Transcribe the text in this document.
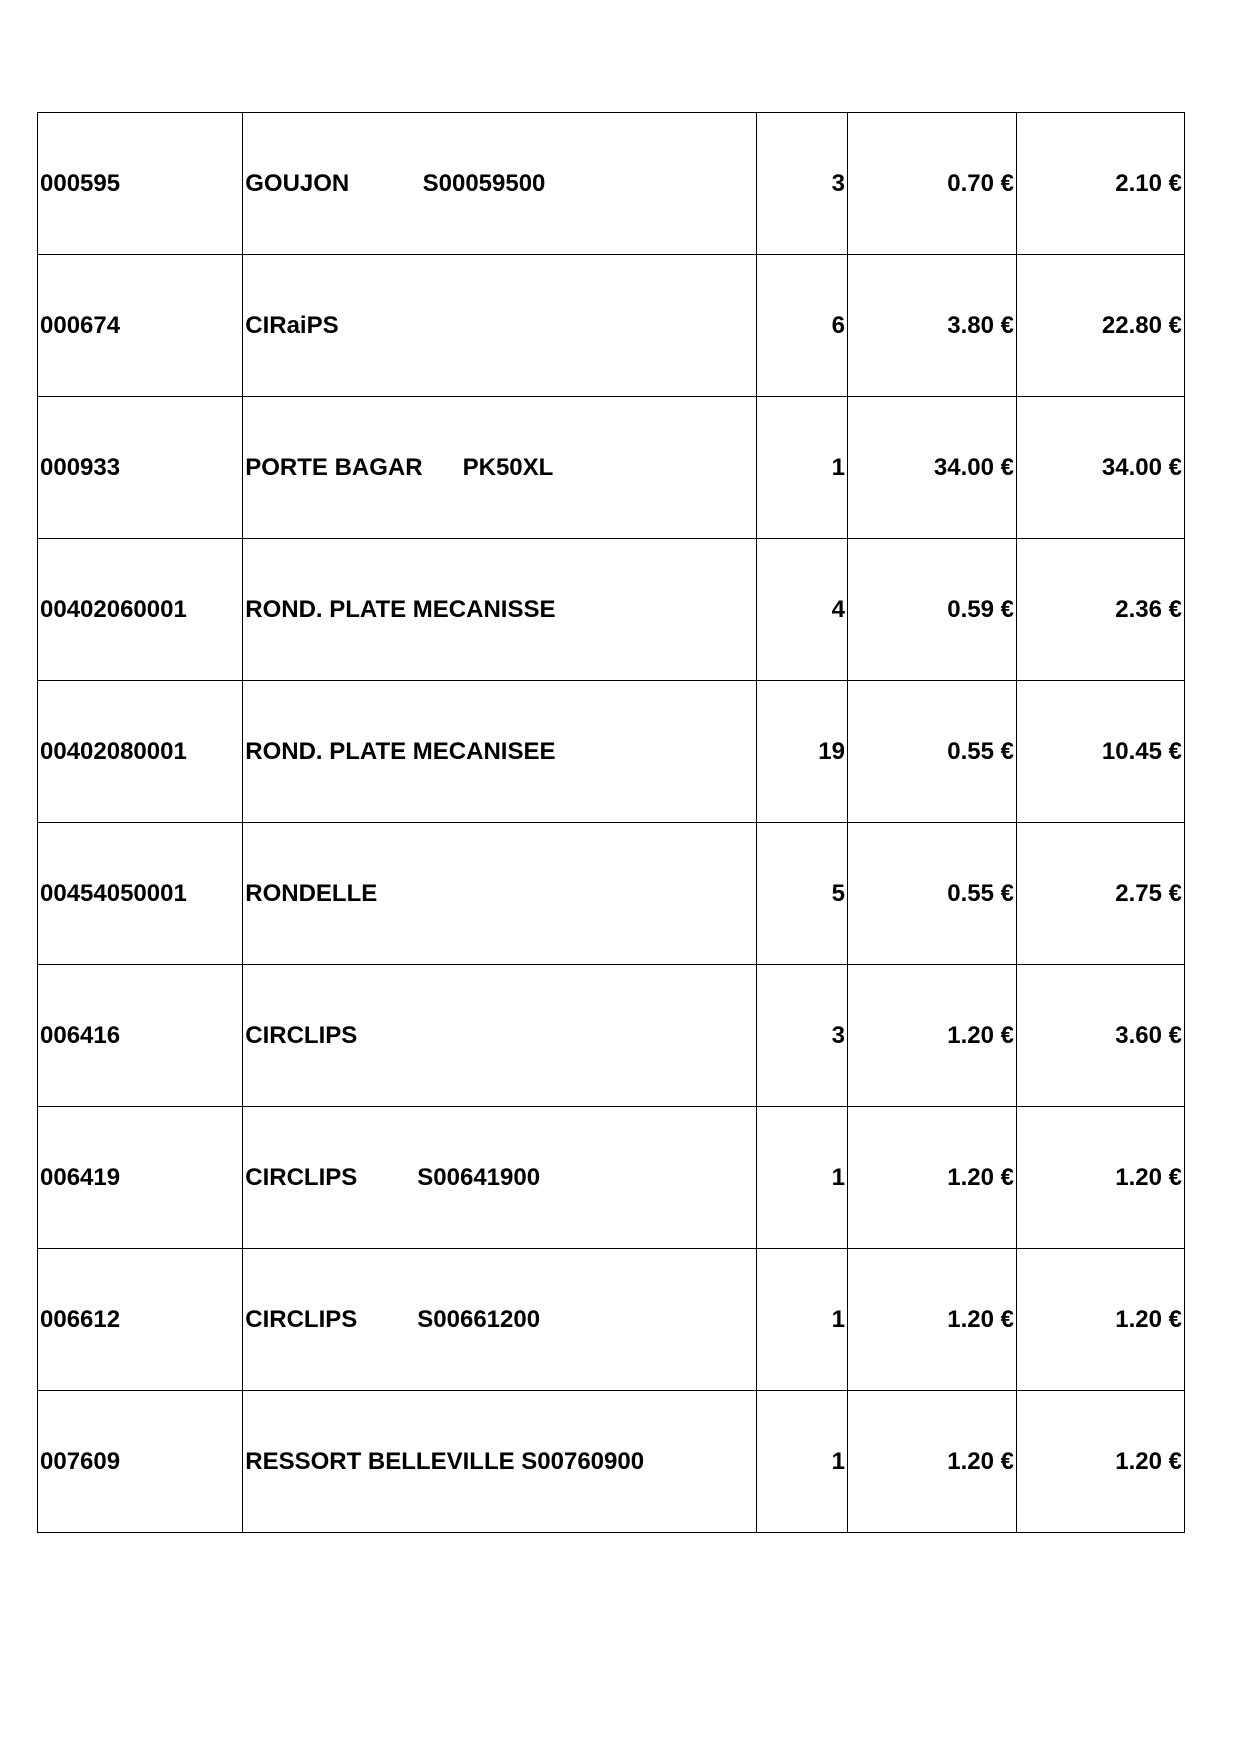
000595	GOUJON           S00059500	3	0.70 €	2.10 €
000674	CIRaiPS	6	3.80 €	22.80 €
000933	PORTE BAGAR      PK50XL	1	34.00 €	34.00 €
00402060001	ROND. PLATE MECANISSE	4	0.59 €	2.36 €
00402080001	ROND. PLATE MECANISEE	19	0.55 €	10.45 €
00454050001	RONDELLE	5	0.55 €	2.75 €
006416	CIRCLIPS	3	1.20 €	3.60 €
006419	CIRCLIPS         S00641900	1	1.20 €	1.20 €
006612	CIRCLIPS         S00661200	1	1.20 €	1.20 €
007609	RESSORT BELLEVILLE S00760900	1	1.20 €	1.20 €
